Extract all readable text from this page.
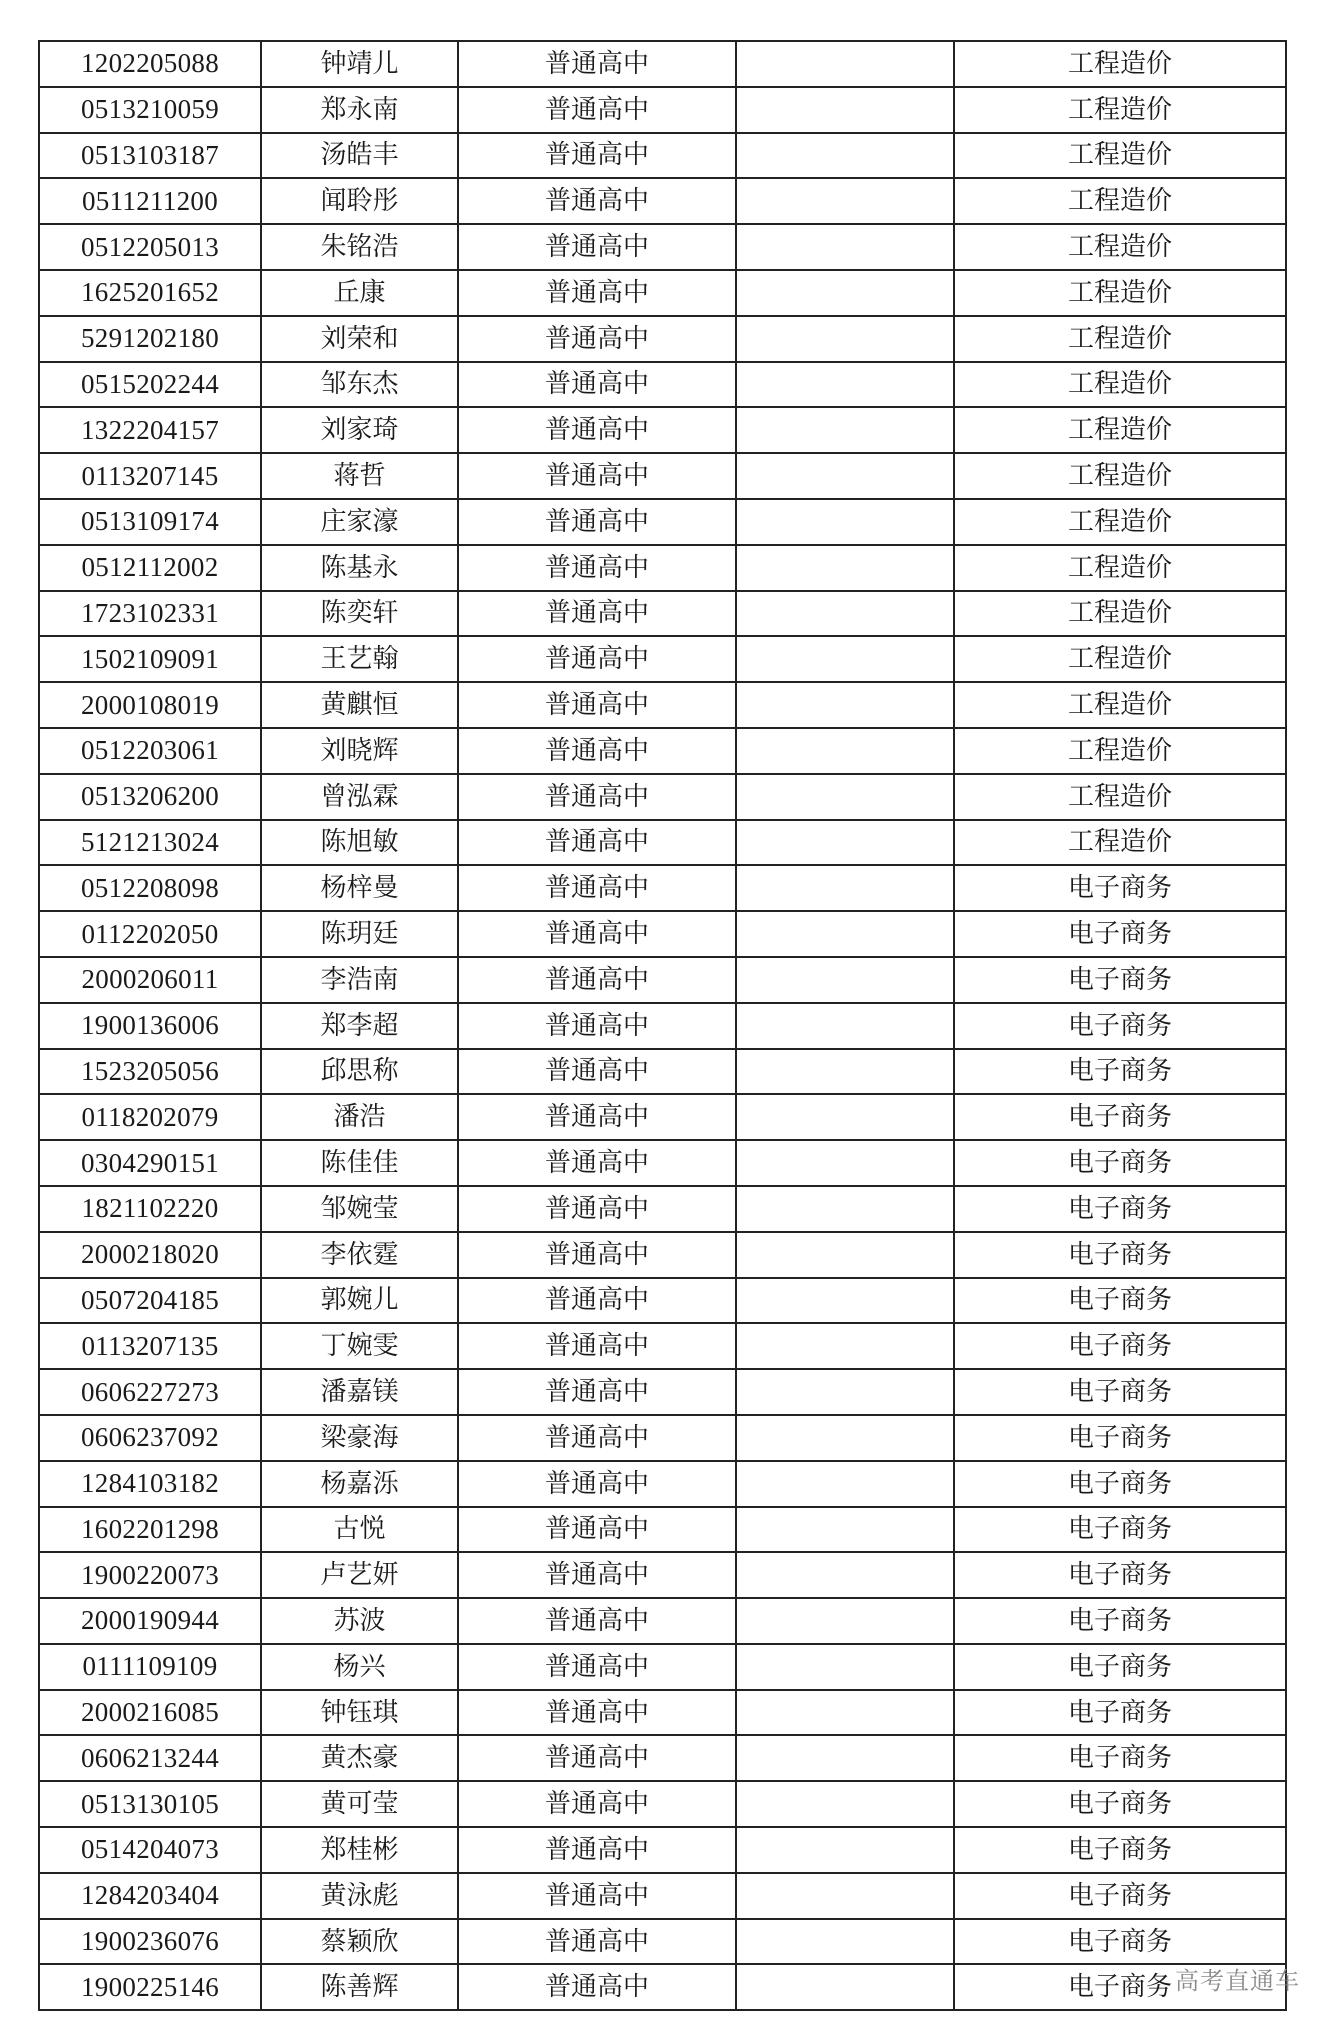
1202205088	钟靖儿	普通高中		工程造价
0513210059	郑永南	普通高中		工程造价
0513103187	汤皓丰	普通高中		工程造价
0511211200	闻聆彤	普通高中		工程造价
0512205013	朱铭浩	普通高中		工程造价
1625201652	丘康	普通高中		工程造价
5291202180	刘荣和	普通高中		工程造价
0515202244	邹东杰	普通高中		工程造价
1322204157	刘家琦	普通高中		工程造价
0113207145	蒋哲	普通高中		工程造价
0513109174	庄家濠	普通高中		工程造价
0512112002	陈基永	普通高中		工程造价
1723102331	陈奕轩	普通高中		工程造价
1502109091	王艺翰	普通高中		工程造价
2000108019	黄麒恒	普通高中		工程造价
0512203061	刘晓辉	普通高中		工程造价
0513206200	曾泓霖	普通高中		工程造价
5121213024	陈旭敏	普通高中		工程造价
0512208098	杨梓曼	普通高中		电子商务
0112202050	陈玥廷	普通高中		电子商务
2000206011	李浩南	普通高中		电子商务
1900136006	郑李超	普通高中		电子商务
1523205056	邱思称	普通高中		电子商务
0118202079	潘浩	普通高中		电子商务
0304290151	陈佳佳	普通高中		电子商务
1821102220	邹婉莹	普通高中		电子商务
2000218020	李依霆	普通高中		电子商务
0507204185	郭婉儿	普通高中		电子商务
0113207135	丁婉雯	普通高中		电子商务
0606227273	潘嘉镁	普通高中		电子商务
0606237092	梁豪海	普通高中		电子商务
1284103182	杨嘉泺	普通高中		电子商务
1602201298	古悦	普通高中		电子商务
1900220073	卢艺妍	普通高中		电子商务
2000190944	苏波	普通高中		电子商务
0111109109	杨兴	普通高中		电子商务
2000216085	钟钰琪	普通高中		电子商务
0606213244	黄杰豪	普通高中		电子商务
0513130105	黄可莹	普通高中		电子商务
0514204073	郑桂彬	普通高中		电子商务
1284203404	黄泳彪	普通高中		电子商务
1900236076	蔡颖欣	普通高中		电子商务
1900225146	陈善辉	普通高中		电子商务 高考直通车
